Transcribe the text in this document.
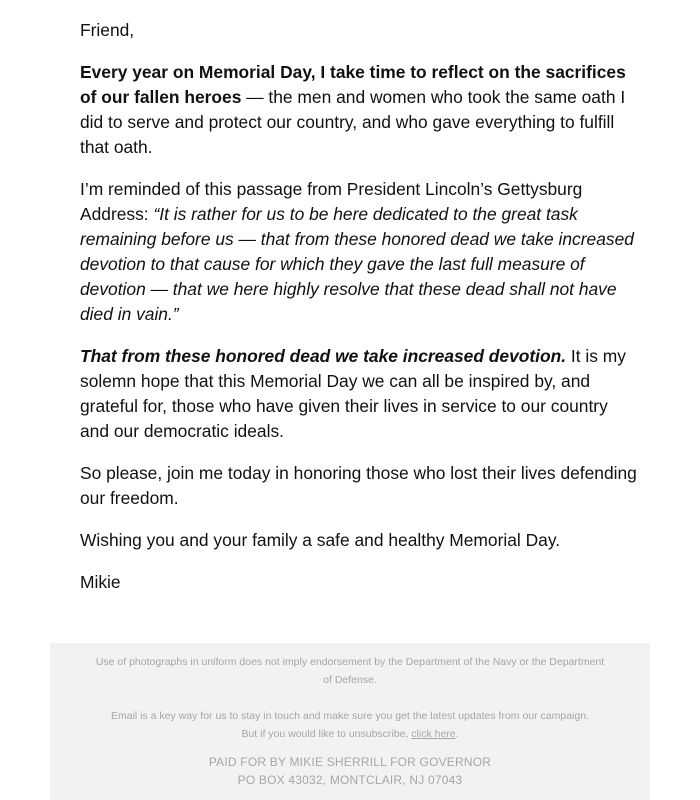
Friend,

Every year on Memorial Day, I take time to reflect on the sacrifices of our fallen heroes — the men and women who took the same oath I did to serve and protect our country, and who gave everything to fulfill that oath.

I’m reminded of this passage from President Lincoln’s Gettysburg Address: “It is rather for us to be here dedicated to the great task remaining before us — that from these honored dead we take increased devotion to that cause for which they gave the last full measure of devotion — that we here highly resolve that these dead shall not have died in vain.”

That from these honored dead we take increased devotion. It is my solemn hope that this Memorial Day we can all be inspired by, and grateful for, those who have given their lives in service to our country and our democratic ideals.

So please, join me today in honoring those who lost their lives defending our freedom.

Wishing you and your family a safe and healthy Memorial Day.

Mikie

Use of photographs in uniform does not imply endorsement by the Department of the Navy or the Department of Defense.
Email is a key way for us to stay in touch and make sure you get the latest updates from our campaign.
But if you would like to unsubscribe, click here.
PAID FOR BY MIKIE SHERRILL FOR GOVERNOR
PO BOX 43032, MONTCLAIR, NJ 07043
